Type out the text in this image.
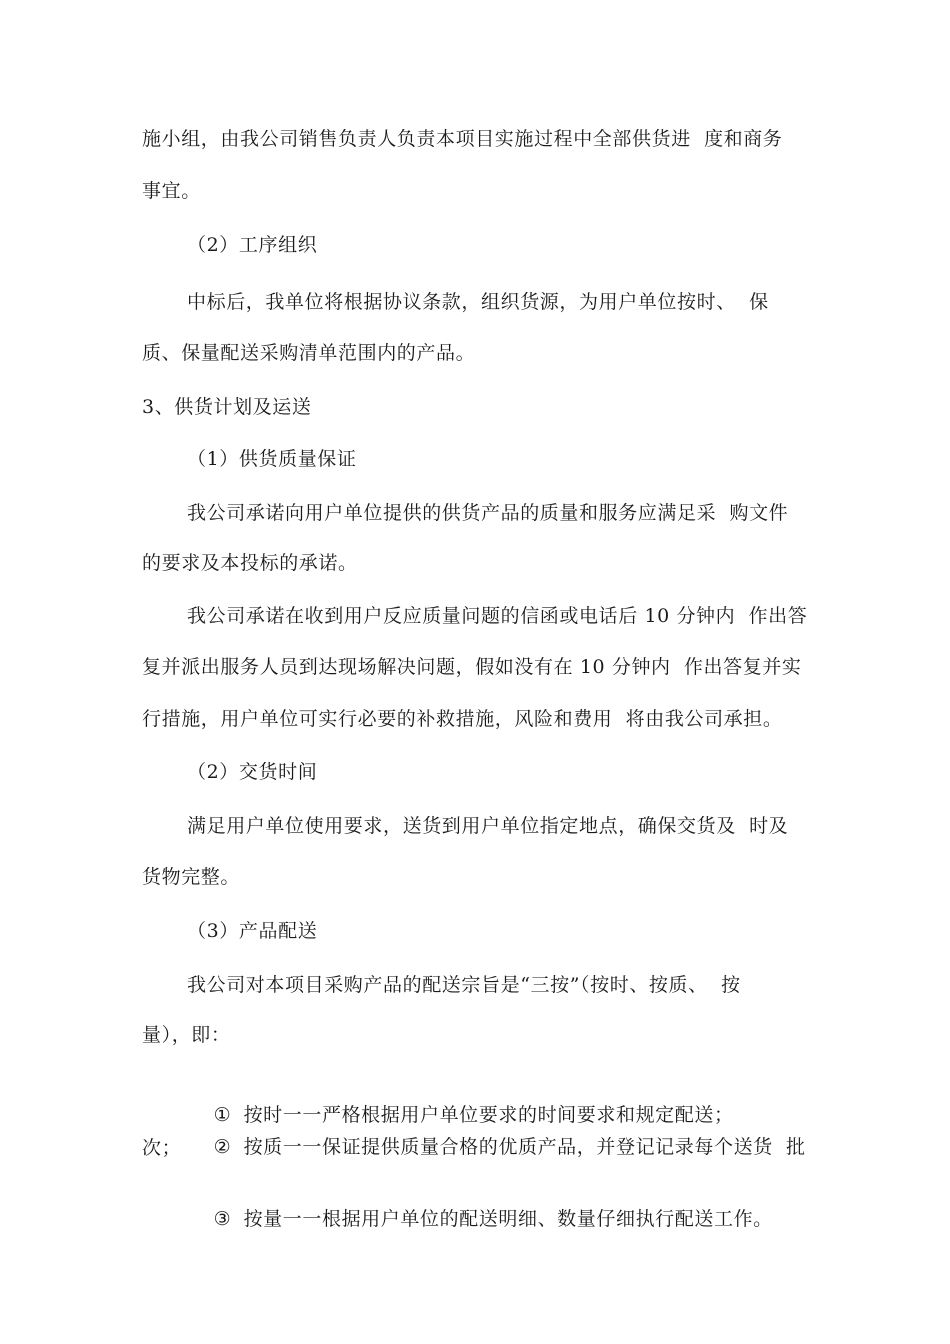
施小组，由我公司销售负责人负责本项目实施过程中全部供货进  度和商务
事宜。
（2）工序组织
中标后，我单位将根据协议条款，组织货源，为用户单位按时、  保
质、保量配送采购清单范围内的产品。
3、供货计划及运送
（1）供货质量保证
我公司承诺向用户单位提供的供货产品的质量和服务应满足采  购文件
的要求及本投标的承诺。
我公司承诺在收到用户反应质量问题的信函或电话后 10 分钟内  作出答
复并派出服务人员到达现场解决问题，假如没有在 10 分钟内  作出答复并实
行措施，用户单位可实行必要的补救措施，风险和费用  将由我公司承担。
（2）交货时间
满足用户单位使用要求，送货到用户单位指定地点，确保交货及  时及
货物完整。
（3）产品配送
我公司对本项目采购产品的配送宗旨是“三按”（按时、按质、  按
量），即：

① 按时一一严格根据用户单位要求的时间要求和规定配送；

② 按质一一保证提供质量合格的优质产品，并登记记录每个送货  批

次；

③ 按量一一根据用户单位的配送明细、数量仔细执行配送工作。
